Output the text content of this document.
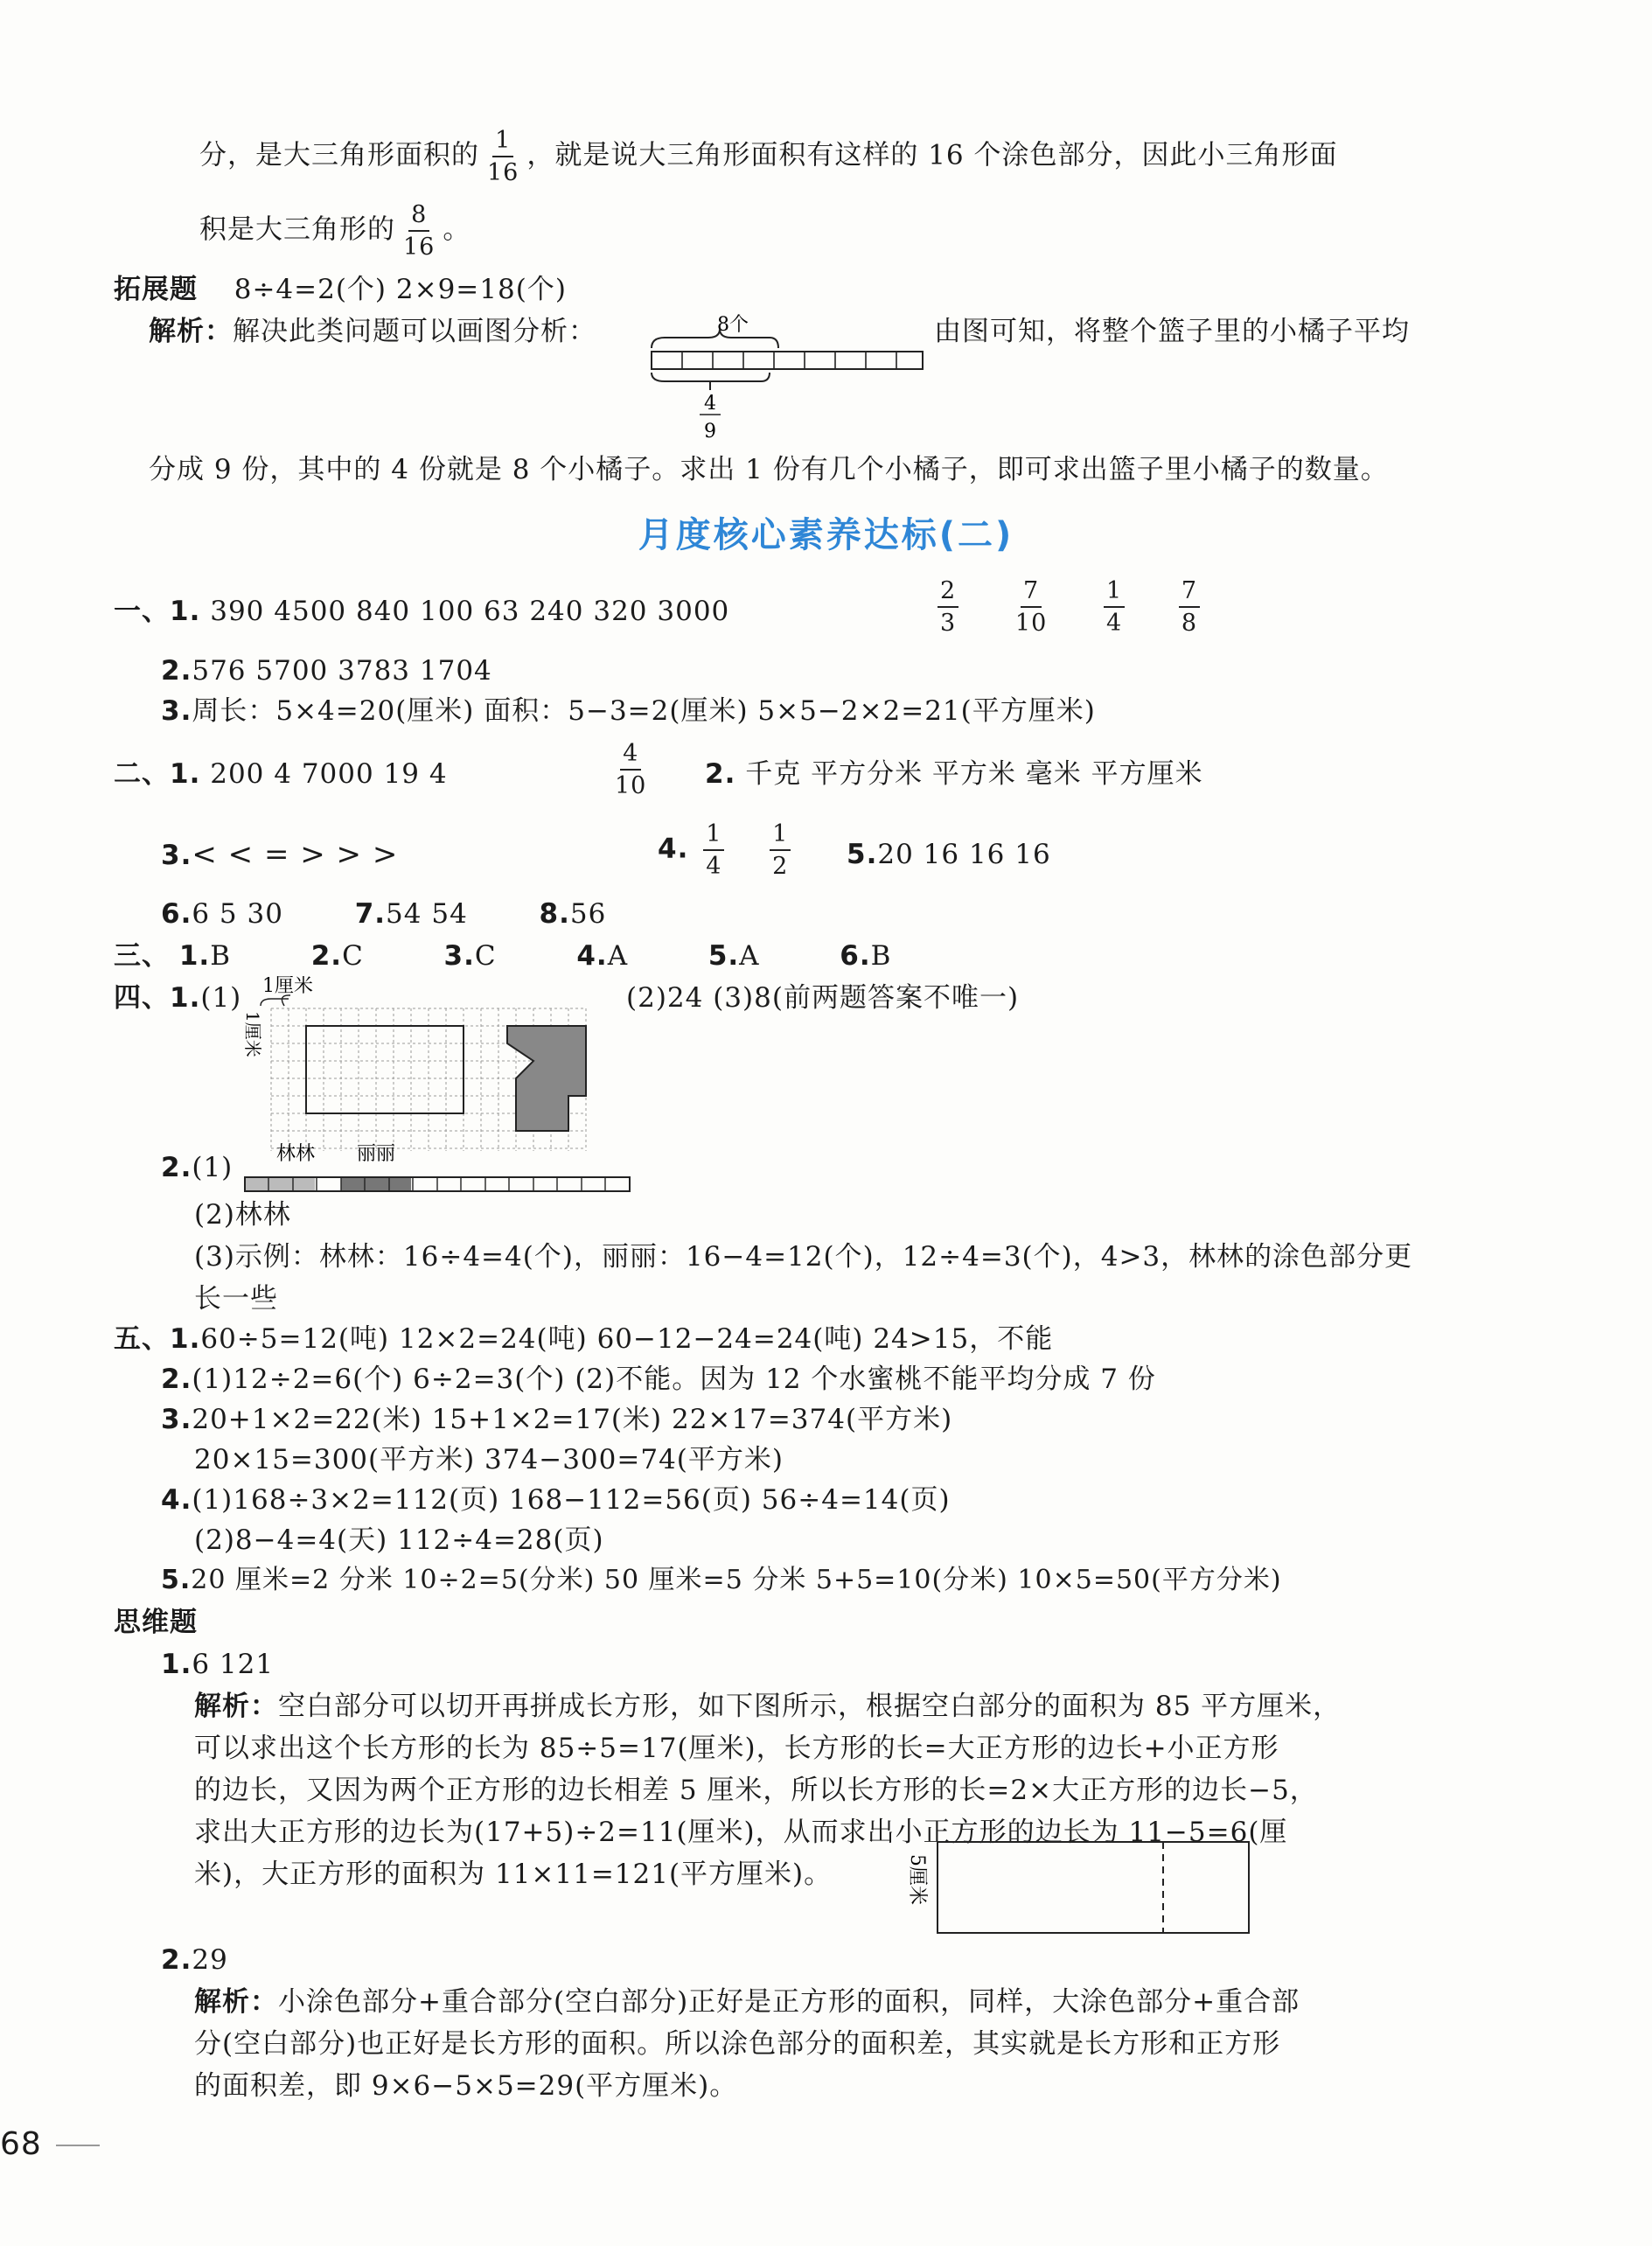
分，是大三角形面积的 $\frac{1}{16}$ ，就是说大三角形面积有这样的 16 个涂色部分，因此小三角形面
积是大三角形的 $\frac{8}{16}$ 。
拓展题 8÷4=2(个) 2×9=18(个)
解析：解决此类问题可以画图分析：	8个
4
9
由图可知，将整个篮子里的小橘子平均
分成 9 份，其中的 4 份就是 8 个小橘子。求出 1 份有几个小橘子，即可求出篮子里小橘子的数量。
月度核心素养达标(二)
一、1. 390 4500 840 100 63 240 320 3000	$\frac{2}{3}$
$\frac{7}{10}$
$\frac{1}{4}$
$\frac{7}{8}$
2.576 5700 3783 1704
3.周长：5×4=20(厘米) 面积：5−3=2(厘米) 5×5−2×2=21(平方厘米)
二、1. 200 4 7000 19 4	$\frac{4}{10} 2$. 千克 平方分米 平方米 毫米 平方厘米
3.< < = > > >	4. $\frac{1}{4}$
$\frac{1}{2} 5.20$ 16 16 16
6.6 5 30	7.54 54	8.56
三、 1.B	2.C	3.C	4.A	5.A	6.B
四、1.(1) 1厘米
1厘米
(2)24 (3)8(前两题答案不唯一)
2.(1) 林林 丽丽
(2)林林
(3)示例：林林：16÷4=4(个)，丽丽：16−4=12(个)，12÷4=3(个)，4>3，林林的涂色部分更
长一些
五、1.60÷5=12(吨) 12×2=24(吨) 60−12−24=24(吨) 24>15，不能
2.(1)12÷2=6(个) 6÷2=3(个) (2)不能。因为 12 个水蜜桃不能平均分成 7 份
3.20+1×2=22(米) 15+1×2=17(米) 22×17=374(平方米)
20×15=300(平方米) 374−300=74(平方米)
4.(1)168÷3×2=112(页) 168−112=56(页) 56÷4=14(页)
(2)8−4=4(天) 112÷4=28(页)
5.20 厘米=2 分米 10÷2=5(分米) 50 厘米=5 分米 5+5=10(分米) 10×5=50(平方分米)
思维题
1.6 121
解析：空白部分可以切开再拼成长方形，如下图所示，根据空白部分的面积为 85 平方厘米，
可以求出这个长方形的长为 85÷5=17(厘米)，长方形的长=大正方形的边长+小正方形
的边长，又因为两个正方形的边长相差 5 厘米，所以长方形的长=2×大正方形的边长−5，
求出大正方形的边长为(17+5)÷2=11(厘米)，从而求出小正方形的边长为 11−5=6(厘
米)，大正方形的面积为 11×11=121(平方厘米)。	5厘米
2.29
解析：小涂色部分+重合部分(空白部分)正好是正方形的面积，同样，大涂色部分+重合部
分(空白部分)也正好是长方形的面积。所以涂色部分的面积差，其实就是长方形和正方形
的面积差，即 9×6−5×5=29(平方厘米)。
68
